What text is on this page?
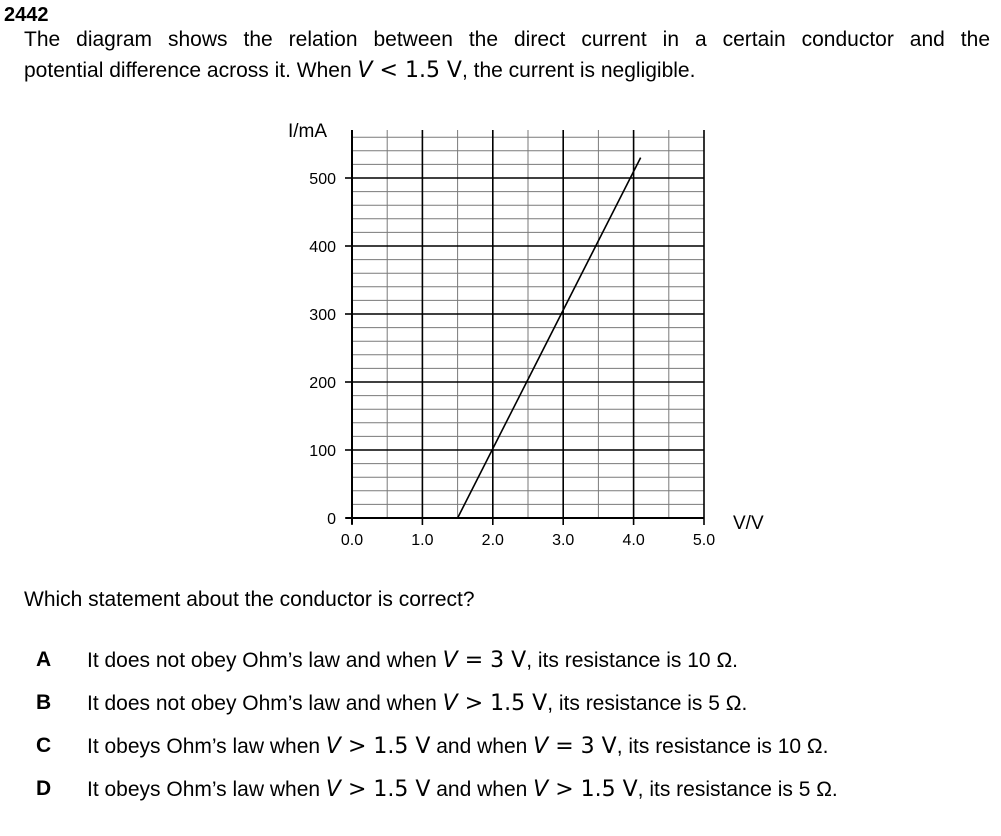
2442
The diagram shows the relation between the direct current in a certain conductor and the
potential difference across it. When V < 1.5 V, the current is negligible.
0
100
200
300
400
500
0.0	1.0	2.0	3.0	4.0	5.0
I/mA
V/V
Which statement about the conductor is correct?
A It does not obey Ohm’s law and when V = 3 V, its resistance is 10 Ω.
B It does not obey Ohm’s law and when V > 1.5 V, its resistance is 5 Ω.
C It obeys Ohm’s law when V > 1.5 V and when V = 3 V, its resistance is 10 Ω.
D It obeys Ohm’s law when V > 1.5 V and when V > 1.5 V, its resistance is 5 Ω.
